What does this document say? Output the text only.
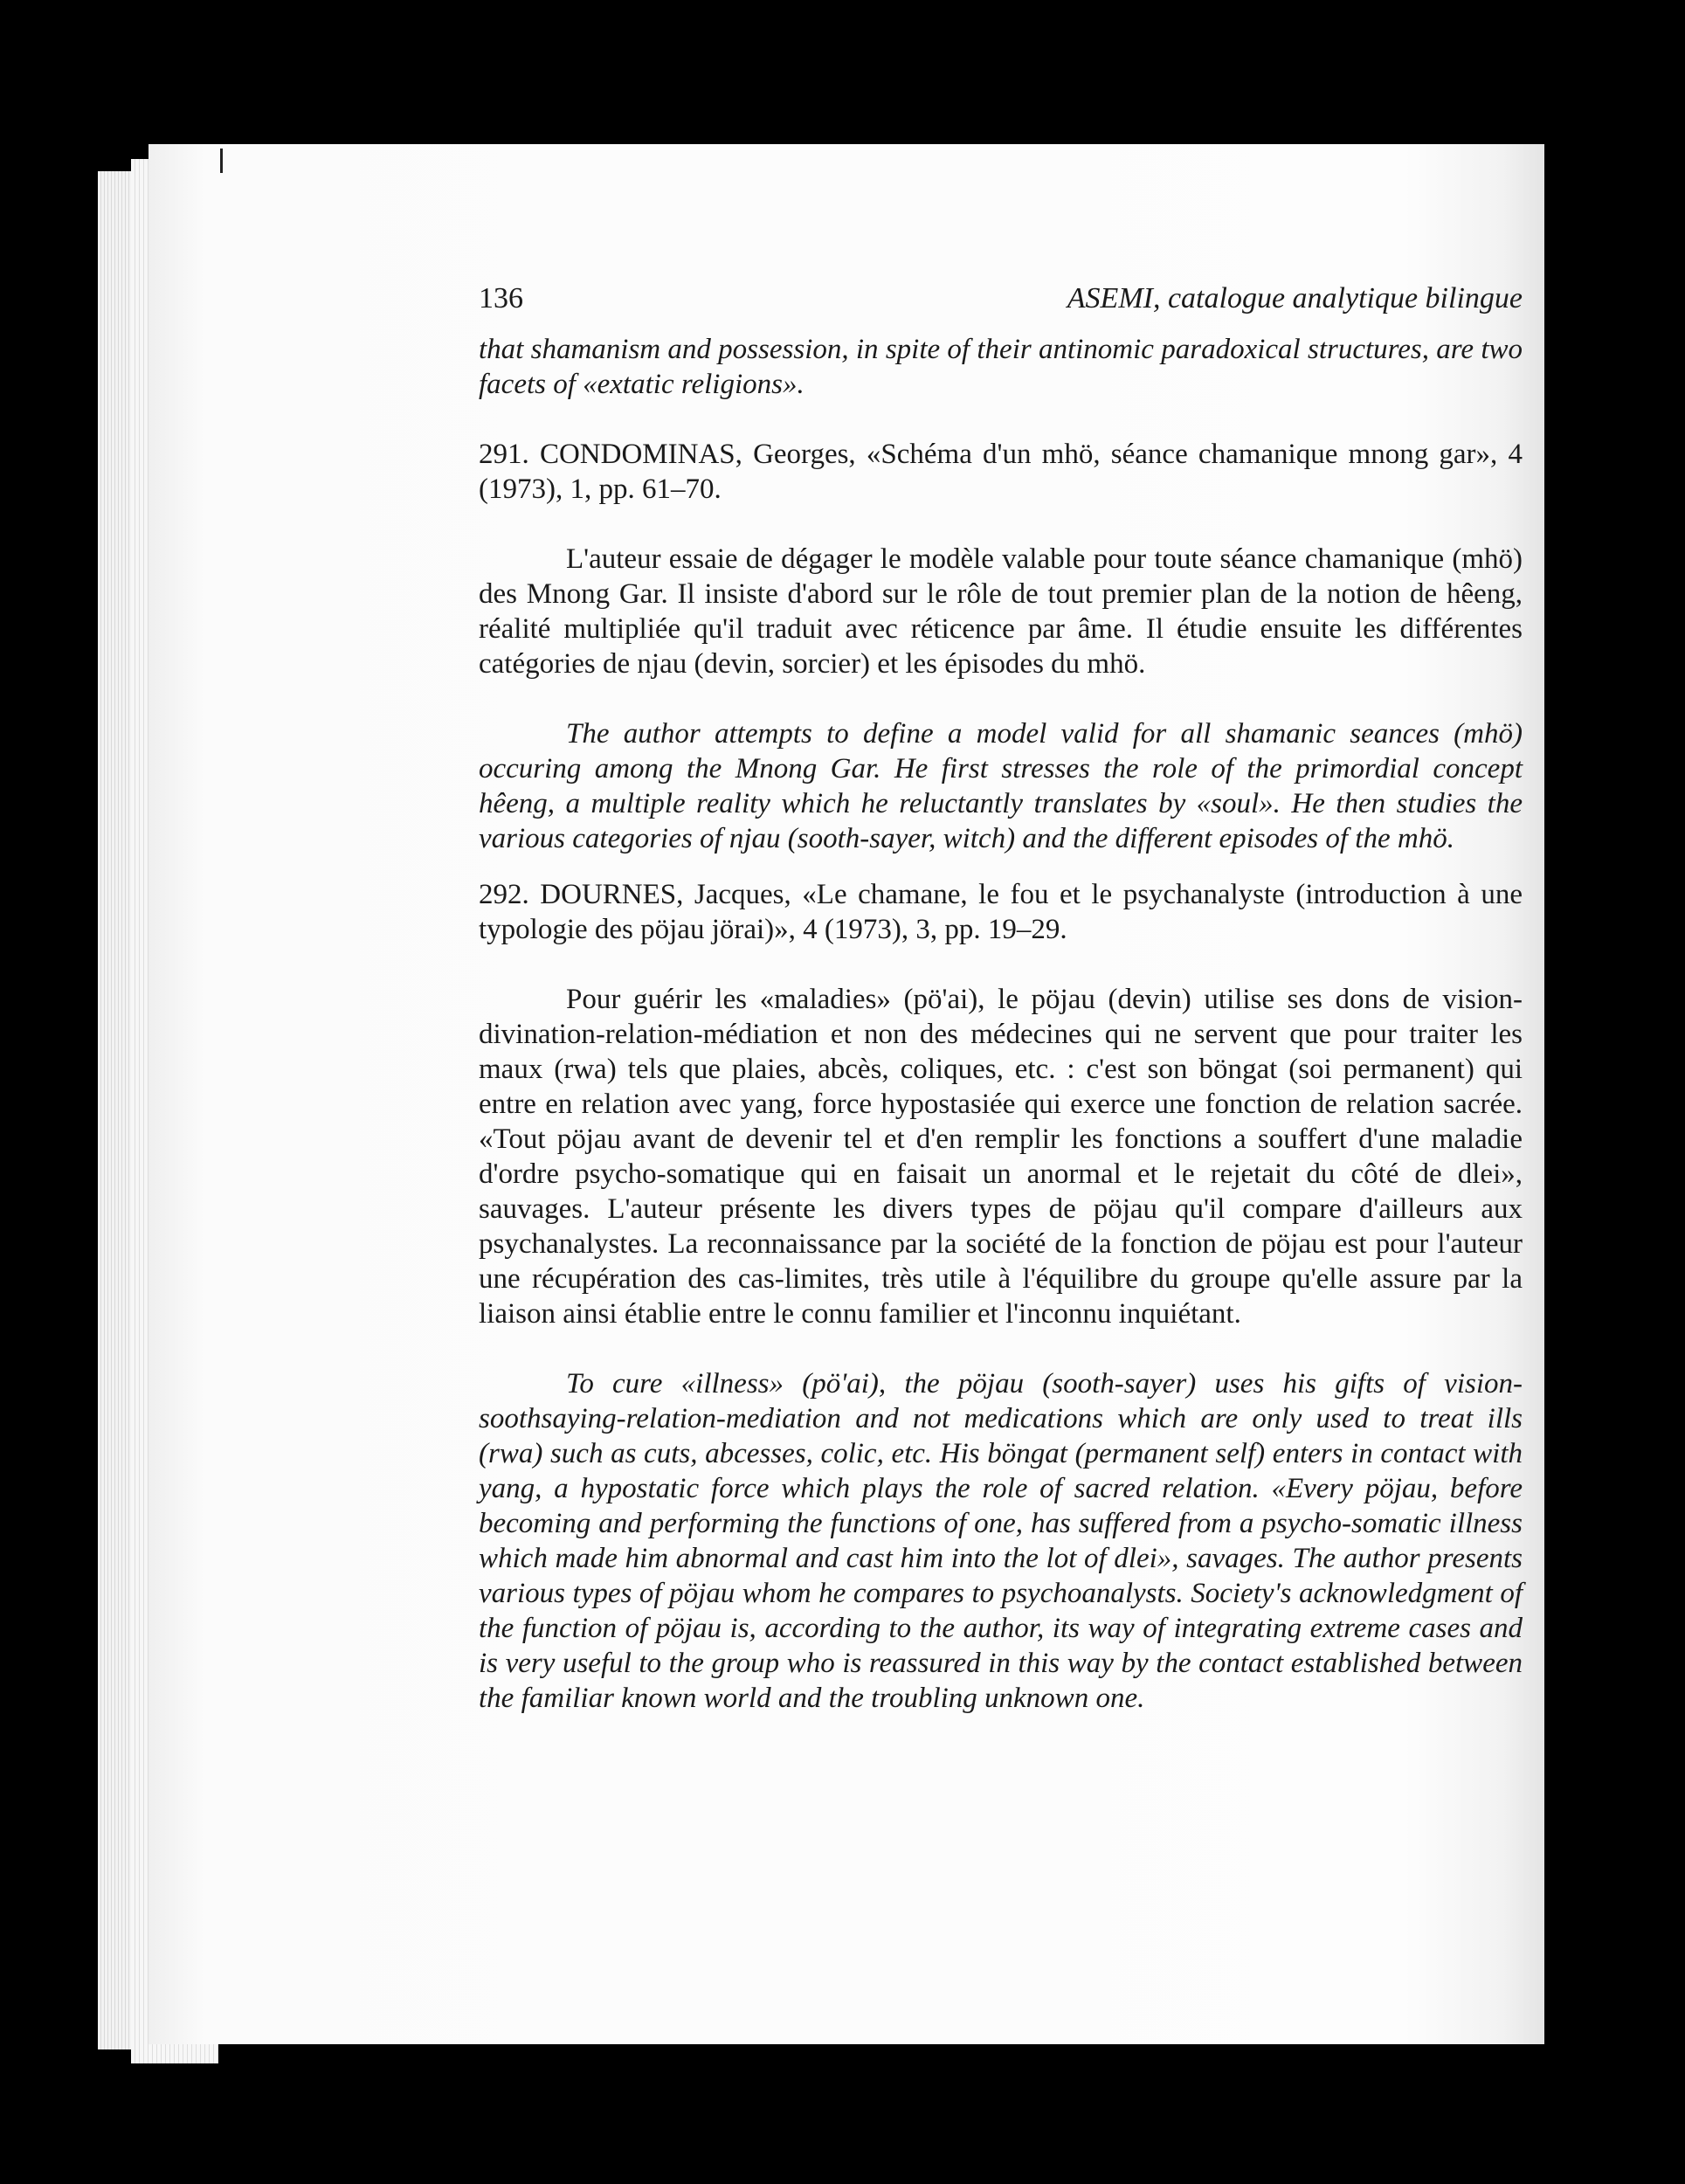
136	ASEMI, catalogue analytique bilingue

that shamanism and possession, in spite of their antinomic paradoxical structures, are two facets of «extatic religions».

291. CONDOMINAS, Georges, «Schéma d'un mhö, séance chamanique mnong gar», 4 (1973), 1, pp. 61–70.

L'auteur essaie de dégager le modèle valable pour toute séance chamanique (mhö) des Mnong Gar. Il insiste d'abord sur le rôle de tout premier plan de la notion de hêeng, réalité multipliée qu'il traduit avec réticence par âme. Il étudie ensuite les différentes catégories de njau (devin, sorcier) et les épisodes du mhö.

The author attempts to define a model valid for all shamanic seances (mhö) occuring among the Mnong Gar. He first stresses the role of the primordial concept hêeng, a multiple reality which he reluctantly translates by «soul». He then studies the various categories of njau (sooth-sayer, witch) and the different episodes of the mhö.

292. DOURNES, Jacques, «Le chamane, le fou et le psychanalyste (introduction à une typologie des pöjau jörai)», 4 (1973), 3, pp. 19–29.

Pour guérir les «maladies» (pö'ai), le pöjau (devin) utilise ses dons de vision-divination-relation-médiation et non des médecines qui ne servent que pour traiter les maux (rwa) tels que plaies, abcès, coliques, etc. : c'est son böngat (soi permanent) qui entre en relation avec yang, force hypostasiée qui exerce une fonction de relation sacrée. «Tout pöjau avant de devenir tel et d'en remplir les fonctions a souffert d'une maladie d'ordre psycho-somatique qui en faisait un anormal et le rejetait du côté de dlei», sauvages. L'auteur présente les divers types de pöjau qu'il compare d'ailleurs aux psychanalystes. La reconnaissance par la société de la fonction de pöjau est pour l'auteur une récupération des cas-limites, très utile à l'équilibre du groupe qu'elle assure par la liaison ainsi établie entre le connu familier et l'inconnu inquiétant.

To cure «illness» (pö'ai), the pöjau (sooth-sayer) uses his gifts of vision-soothsaying-relation-mediation and not medications which are only used to treat ills (rwa) such as cuts, abcesses, colic, etc. His böngat (permanent self) enters in contact with yang, a hypostatic force which plays the role of sacred relation. «Every pöjau, before becoming and performing the functions of one, has suffered from a psycho-somatic illness which made him abnormal and cast him into the lot of dlei», savages. The author presents various types of pöjau whom he compares to psychoanalysts. Society's acknowledgment of the function of pöjau is, according to the author, its way of integrating extreme cases and is very useful to the group who is reassured in this way by the contact established between the familiar known world and the troubling unknown one.
